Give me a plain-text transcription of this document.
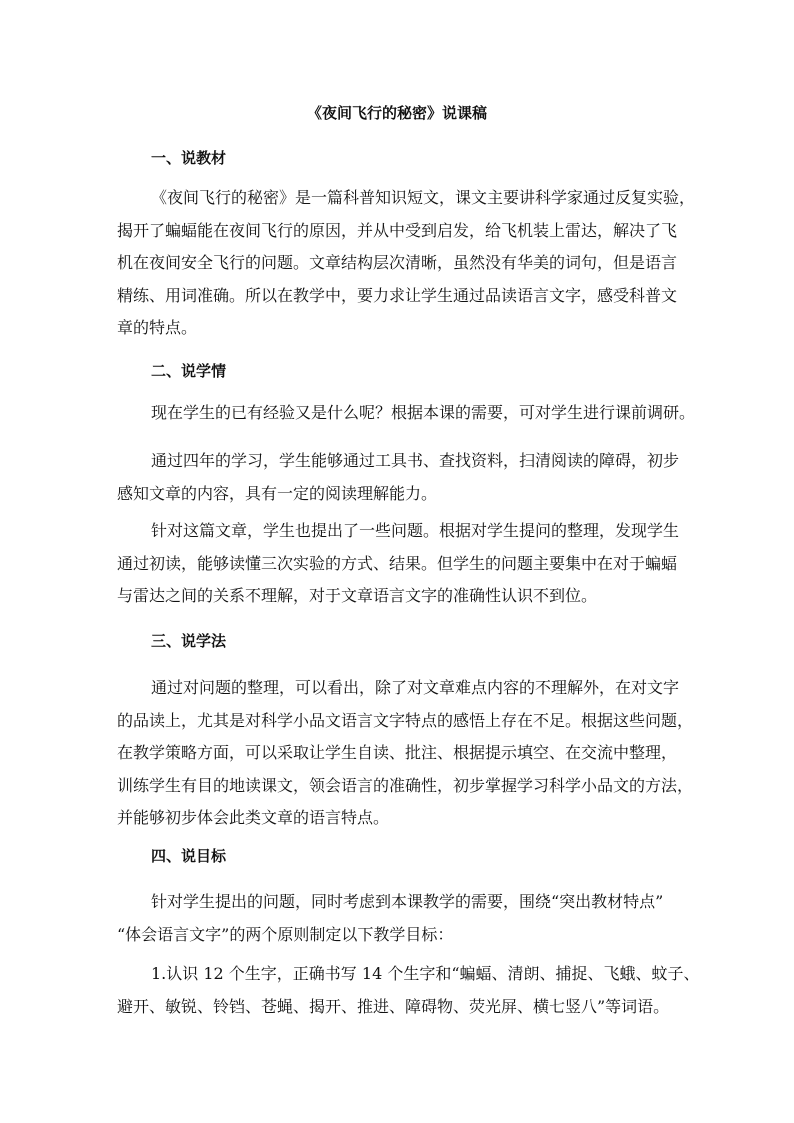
《夜间飞行的秘密》说课稿
一、说教材
《夜间飞行的秘密》是一篇科普知识短文，课文主要讲科学家通过反复实验，
揭开了蝙蝠能在夜间飞行的原因，并从中受到启发，给飞机装上雷达，解决了飞
机在夜间安全飞行的问题。文章结构层次清晰，虽然没有华美的词句，但是语言
精练、用词准确。所以在教学中，要力求让学生通过品读语言文字，感受科普文
章的特点。
二、说学情
现在学生的已有经验又是什么呢？根据本课的需要，可对学生进行课前调研。
通过四年的学习，学生能够通过工具书、查找资料，扫清阅读的障碍，初步
感知文章的内容，具有一定的阅读理解能力。
针对这篇文章，学生也提出了一些问题。根据对学生提问的整理，发现学生
通过初读，能够读懂三次实验的方式、结果。但学生的问题主要集中在对于蝙蝠
与雷达之间的关系不理解，对于文章语言文字的准确性认识不到位。
三、说学法
通过对问题的整理，可以看出，除了对文章难点内容的不理解外，在对文字
的品读上，尤其是对科学小品文语言文字特点的感悟上存在不足。根据这些问题，
在教学策略方面，可以采取让学生自读、批注、根据提示填空、在交流中整理，
训练学生有目的地读课文，领会语言的准确性，初步掌握学习科学小品文的方法，
并能够初步体会此类文章的语言特点。
四、说目标
针对学生提出的问题，同时考虑到本课教学的需要，围绕“突出教材特点”
“体会语言文字”的两个原则制定以下教学目标：
1.认识 12 个生字，正确书写 14 个生字和“蝙蝠、清朗、捕捉、飞蛾、蚊子、
避开、敏锐、铃铛、苍蝇、揭开、推进、障碍物、荧光屏、横七竖八”等词语。
